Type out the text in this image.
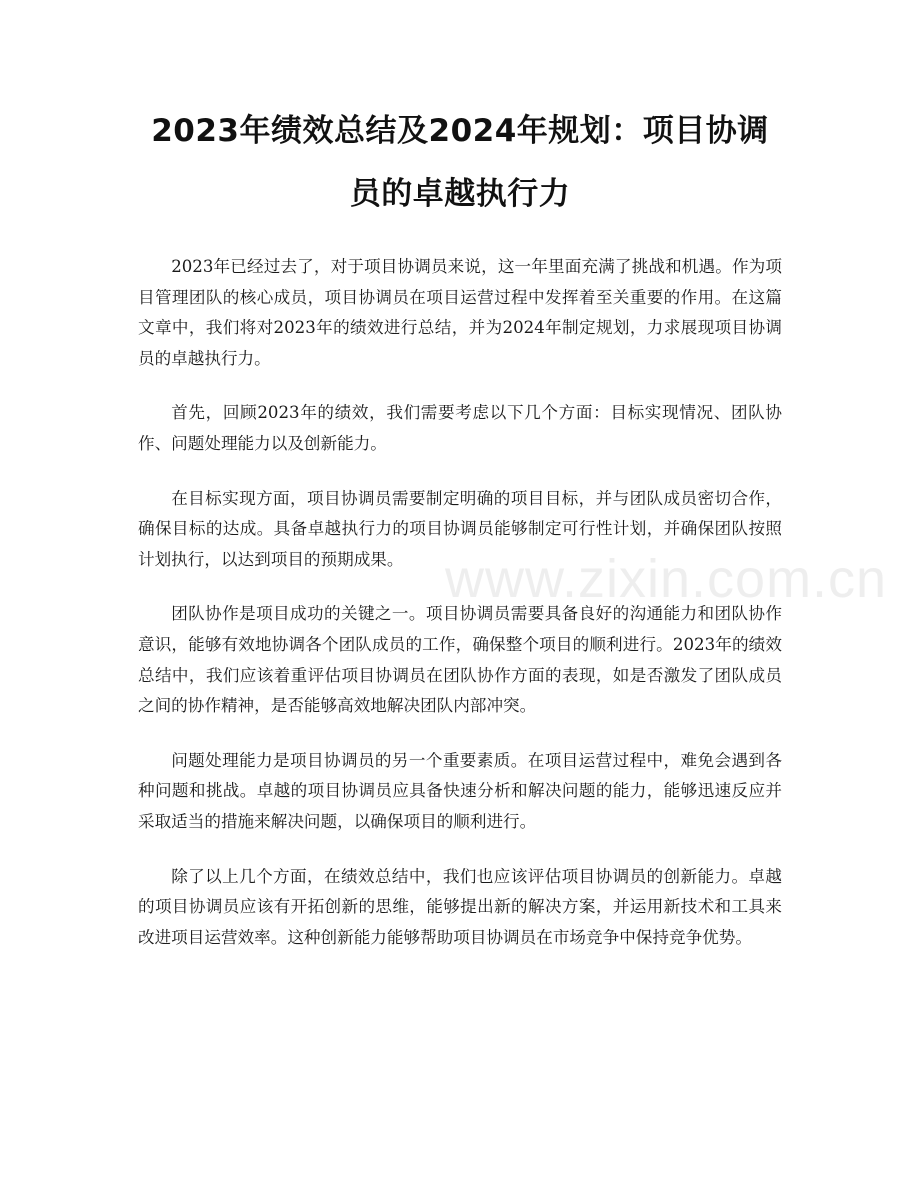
2023年绩效总结及2024年规划：项目协调员的卓越执行力

2023年已经过去了，对于项目协调员来说，这一年里面充满了挑战和机遇。作为项目管理团队的核心成员，项目协调员在项目运营过程中发挥着至关重要的作用。在这篇文章中，我们将对2023年的绩效进行总结，并为2024年制定规划，力求展现项目协调员的卓越执行力。

首先，回顾2023年的绩效，我们需要考虑以下几个方面：目标实现情况、团队协作、问题处理能力以及创新能力。

在目标实现方面，项目协调员需要制定明确的项目目标，并与团队成员密切合作，确保目标的达成。具备卓越执行力的项目协调员能够制定可行性计划，并确保团队按照计划执行，以达到项目的预期成果。

团队协作是项目成功的关键之一。项目协调员需要具备良好的沟通能力和团队协作意识，能够有效地协调各个团队成员的工作，确保整个项目的顺利进行。2023年的绩效总结中，我们应该着重评估项目协调员在团队协作方面的表现，如是否激发了团队成员之间的协作精神，是否能够高效地解决团队内部冲突。

问题处理能力是项目协调员的另一个重要素质。在项目运营过程中，难免会遇到各种问题和挑战。卓越的项目协调员应具备快速分析和解决问题的能力，能够迅速反应并采取适当的措施来解决问题，以确保项目的顺利进行。

除了以上几个方面，在绩效总结中，我们也应该评估项目协调员的创新能力。卓越的项目协调员应该有开拓创新的思维，能够提出新的解决方案，并运用新技术和工具来改进项目运营效率。这种创新能力能够帮助项目协调员在市场竞争中保持竞争优势。

www.zixin.com.cn
